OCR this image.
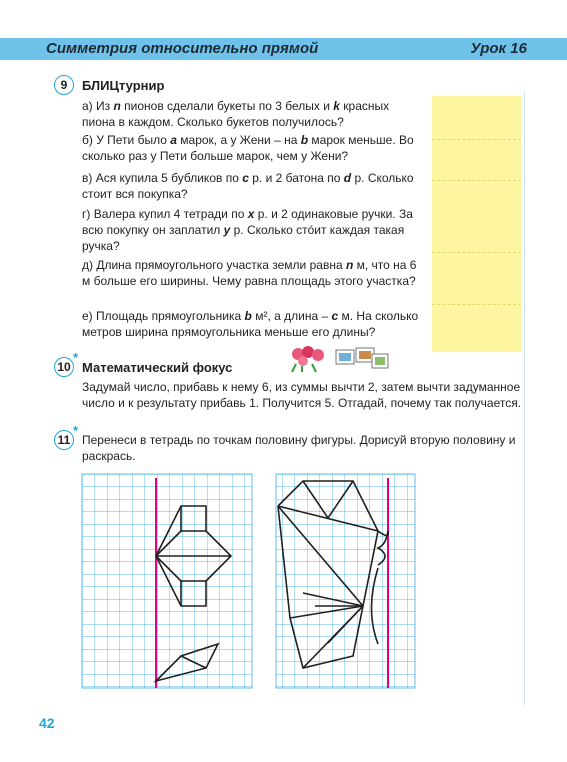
Симметрия относительно прямой	Урок 16
9	БЛИЦтурнир
а) Из n пионов сделали букеты по 3 белых и k красных пиона в каждом. Сколько букетов получилось?
б) У Пети было a марок, а у Жени – на b марок меньше. Во сколько раз у Пети больше марок, чем у Жени?
в) Ася купила 5 бубликов по c р. и 2 батона по d р. Сколько стоит вся покупка?
г) Валера купил 4 тетради по x р. и 2 одинаковые ручки. За всю покупку он заплатил y р. Сколько стóит каждая такая ручка?
д) Длина прямоугольного участка земли равна n м, что на 6 м больше его ширины. Чему равна площадь этого участка?
е) Площадь прямоугольника b м², а длина – c м. На сколько метров ширина прямоугольника меньше его длины?
10
*
Математический фокус
Задумай число, прибавь к нему 6, из суммы вычти 2, затем вычти задуманное число и к результату прибавь 1. Получится 5. Отгадай, почему так получается.
11
*
Перенеси в тетрадь по точкам половину фигуры. Дорисуй вторую половину и раскрась.
42
